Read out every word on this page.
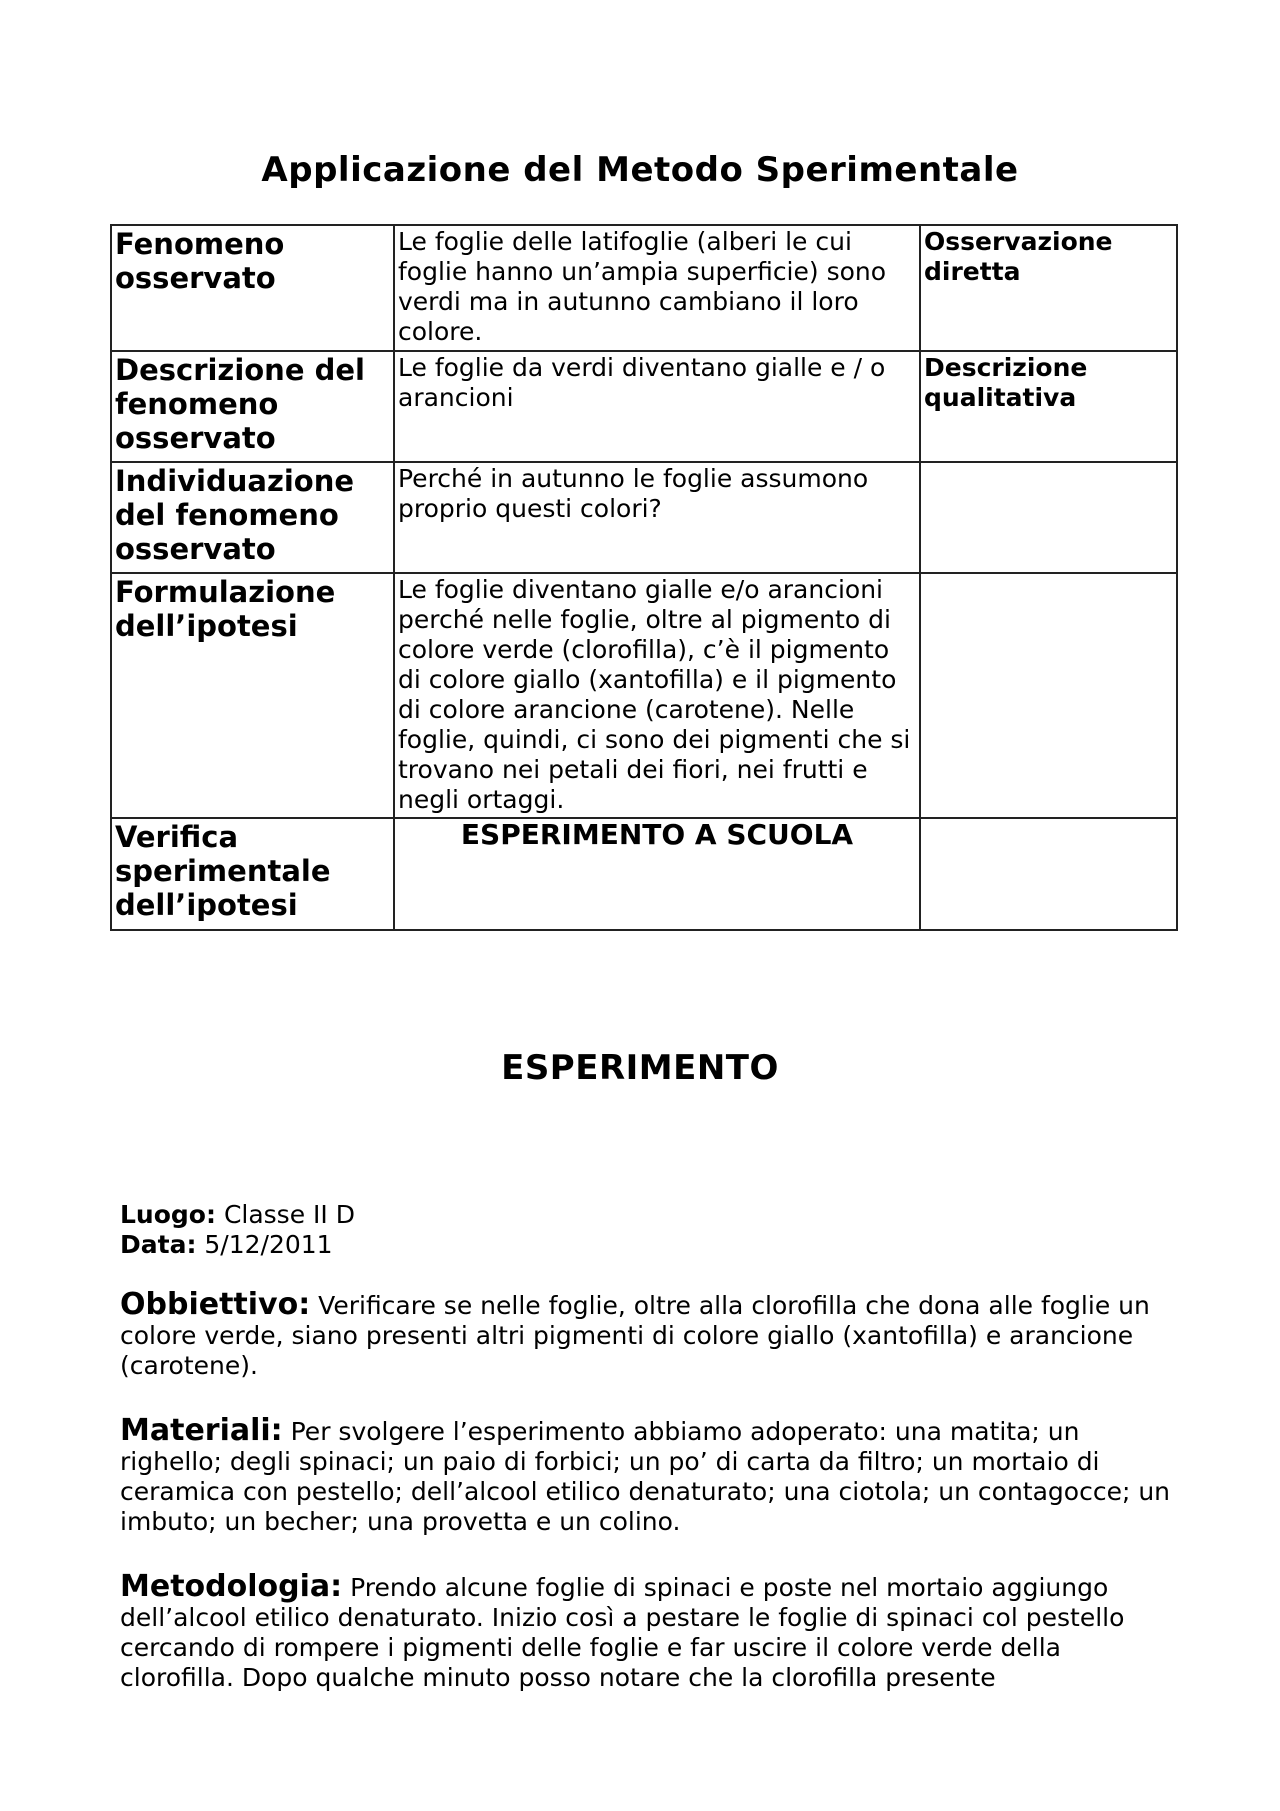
Applicazione del Metodo Sperimentale
Fenomeno osservato	Le foglie delle latifoglie (alberi le cui foglie hanno un’ampia superficie) sono verdi ma in autunno cambiano il loro colore.	Osservazione diretta
Descrizione del fenomeno osservato	Le foglie da verdi diventano gialle e / o arancioni	Descrizione qualitativa
Individuazione del fenomeno osservato	Perché in autunno le foglie assumono proprio questi colori?	
Formulazione dell’ipotesi	Le foglie diventano gialle e/o arancioni perché nelle foglie, oltre al pigmento di colore verde (clorofilla), c’è il pigmento di colore giallo (xantofilla) e il pigmento di colore arancione (carotene). Nelle foglie, quindi, ci sono dei pigmenti che si trovano nei petali dei fiori, nei frutti e negli ortaggi.	
Verifica sperimentale dell’ipotesi	ESPERIMENTO A SCUOLA	
ESPERIMENTO
Luogo: Classe II D
Data: 5/12/2011
Obbiettivo: Verificare se nelle foglie, oltre alla clorofilla che dona alle foglie un colore verde, siano presenti altri pigmenti di colore giallo (xantofilla) e arancione (carotene).
Materiali: Per svolgere l’esperimento abbiamo adoperato: una matita; un righello; degli spinaci; un paio di forbici; un po’ di carta da filtro; un mortaio di ceramica con pestello; dell’alcool etilico denaturato; una ciotola; un contagocce; un imbuto; un becher; una provetta e un colino.
Metodologia: Prendo alcune foglie di spinaci e poste nel mortaio aggiungo dell’alcool etilico denaturato. Inizio così a pestare le foglie di spinaci col pestello cercando di rompere i pigmenti delle foglie e far uscire il colore verde della clorofilla. Dopo qualche minuto posso notare che la clorofilla presente
